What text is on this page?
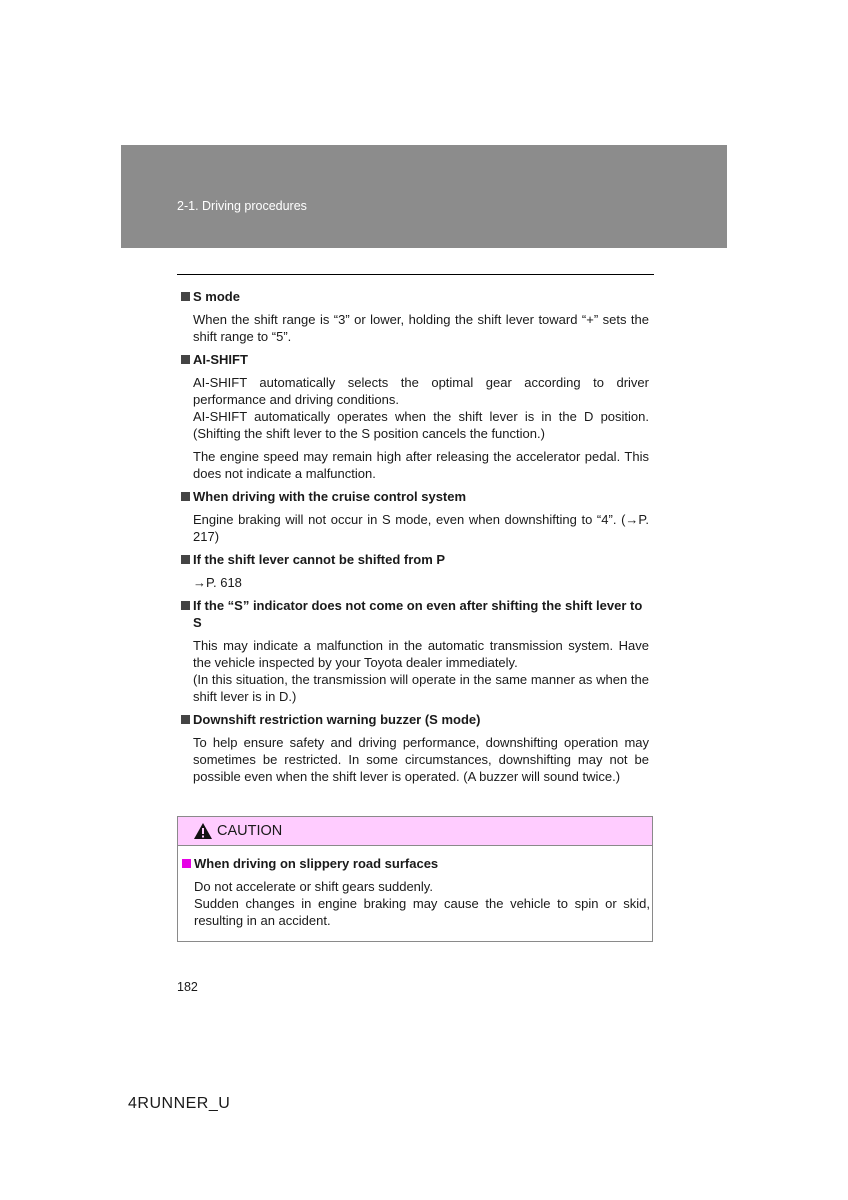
2-1. Driving procedures
S mode

When the shift range is “3” or lower, holding the shift lever toward “+” sets the shift range to “5”.

AI-SHIFT

AI-SHIFT automatically selects the optimal gear according to driver performance and driving conditions.
AI-SHIFT automatically operates when the shift lever is in the D position. (Shifting the shift lever to the S position cancels the function.)

The engine speed may remain high after releasing the accelerator pedal. This does not indicate a malfunction.

When driving with the cruise control system

Engine braking will not occur in S mode, even when downshifting to “4”. (→P. 217)

If the shift lever cannot be shifted from P

→P. 618

If the “S” indicator does not come on even after shifting the shift lever to S

This may indicate a malfunction in the automatic transmission system. Have the vehicle inspected by your Toyota dealer immediately.
(In this situation, the transmission will operate in the same manner as when the shift lever is in D.)

Downshift restriction warning buzzer (S mode)

To help ensure safety and driving performance, downshifting operation may sometimes be restricted. In some circumstances, downshifting may not be possible even when the shift lever is operated. (A buzzer will sound twice.)

CAUTION
When driving on slippery road surfaces

Do not accelerate or shift gears suddenly.
Sudden changes in engine braking may cause the vehicle to spin or skid, resulting in an accident.

182
4RUNNER_U
